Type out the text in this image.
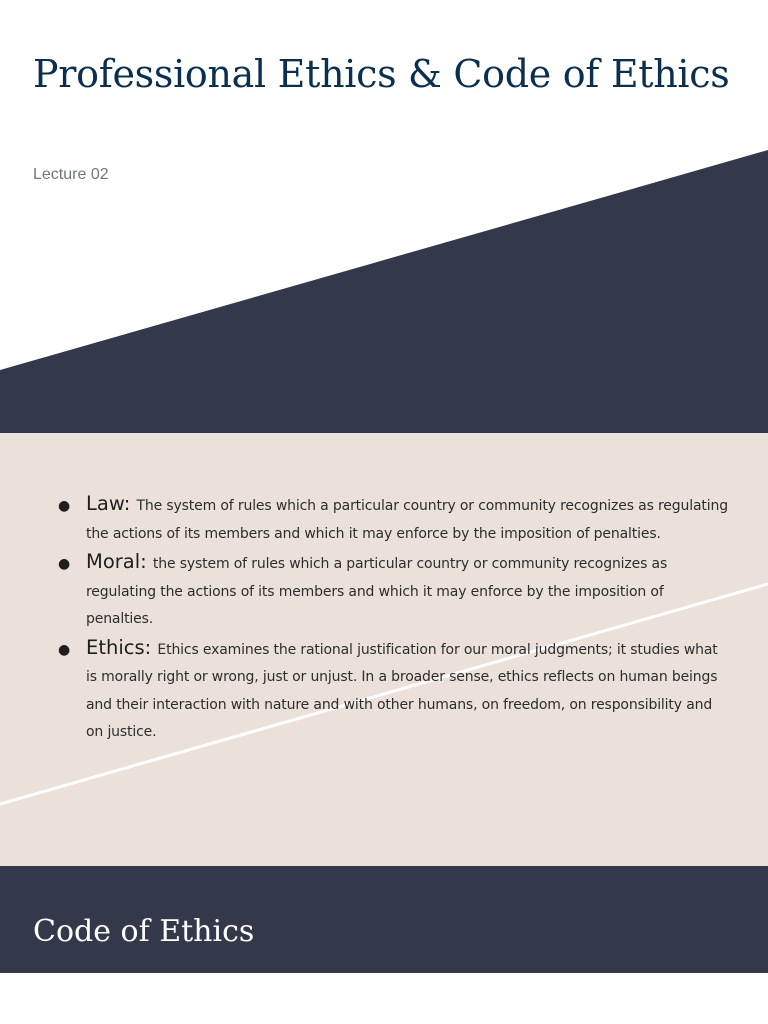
Professional Ethics & Code of Ethics
Lecture 02
● Law: The system of rules which a particular country or community recognizes as regulating the actions of its members and which it may enforce by the imposition of penalties.
● Moral: the system of rules which a particular country or community recognizes as regulating the actions of its members and which it may enforce by the imposition of penalties.
● Ethics: Ethics examines the rational justification for our moral judgments; it studies what is morally right or wrong, just or unjust. In a broader sense, ethics reflects on human beings and their interaction with nature and with other humans, on freedom, on responsibility and on justice.
Code of Ethics
